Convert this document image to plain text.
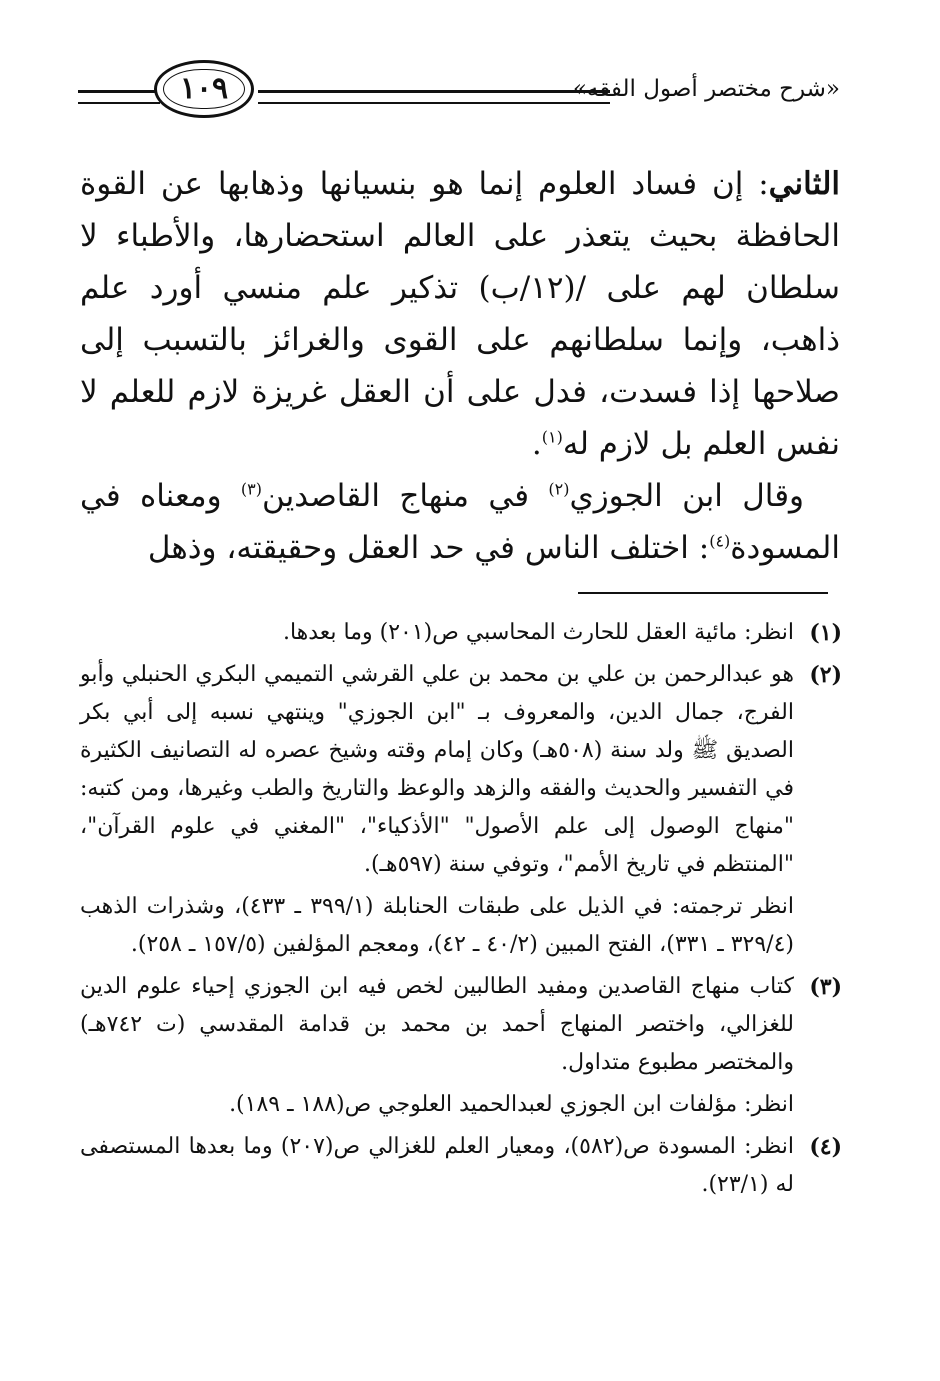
«شرح مختصر أصول الفقه»
١٠٩

الثاني: إن فساد العلوم إنما هو بنسيانها وذهابها عن القوة الحافظة بحيث يتعذر على العالم استحضارها، والأطباء لا سلطان لهم على /(١٢/ب) تذكير علم منسي أورد علم ذاهب، وإنما سلطانهم على القوى والغرائز بالتسبب إلى صلاحها إذا فسدت، فدل على أن العقل غريزة لازم للعلم لا نفس العلم بل لازم له$^{(١)}$.

وقال ابن الجوزي$^{(٢)}$ في منهاج القاصدين$^{(٣)}$ ومعناه في المسودة$^{(٤)}$: اختلف الناس في حد العقل وحقيقته، وذهل

(١)

انظر: مائية العقل للحارث المحاسبي ص(٢٠١) وما بعدها.

(٢)

هو عبدالرحمن بن علي بن محمد بن علي القرشي التميمي البكري الحنبلي وأبو الفرج، جمال الدين، والمعروف بـ "ابن الجوزي" وينتهي نسبه إلى أبي بكر الصديق ﷺ ولد سنة (٥٠٨هـ) وكان إمام وقته وشيخ عصره له التصانيف الكثيرة في التفسير والحديث والفقه والزهد والوعظ والتاريخ والطب وغيرها، ومن كتبه: "منهاج الوصول إلى علم الأصول" "الأذكياء"، "المغني في علوم القرآن"، "المنتظم في تاريخ الأمم"، وتوفي سنة (٥٩٧هـ).

انظر ترجمته: في الذيل على طبقات الحنابلة (٣٩٩/١ ـ ٤٣٣)، وشذرات الذهب (٣٢٩/٤ ـ ٣٣١)، الفتح المبين (٤٠/٢ ـ ٤٢)، ومعجم المؤلفين (١٥٧/٥ ـ ٢٥٨).

(٣)

كتاب منهاج القاصدين ومفيد الطالبين لخص فيه ابن الجوزي إحياء علوم الدين للغزالي، واختصر المنهاج أحمد بن محمد بن قدامة المقدسي (ت ٧٤٢هـ) والمختصر مطبوع متداول.

انظر: مؤلفات ابن الجوزي لعبدالحميد العلوجي ص(١٨٨ ـ ١٨٩).

(٤)

انظر: المسودة ص(٥٨٢)، ومعيار العلم للغزالي ص(٢٠٧) وما بعدها المستصفى له (٢٣/١).
